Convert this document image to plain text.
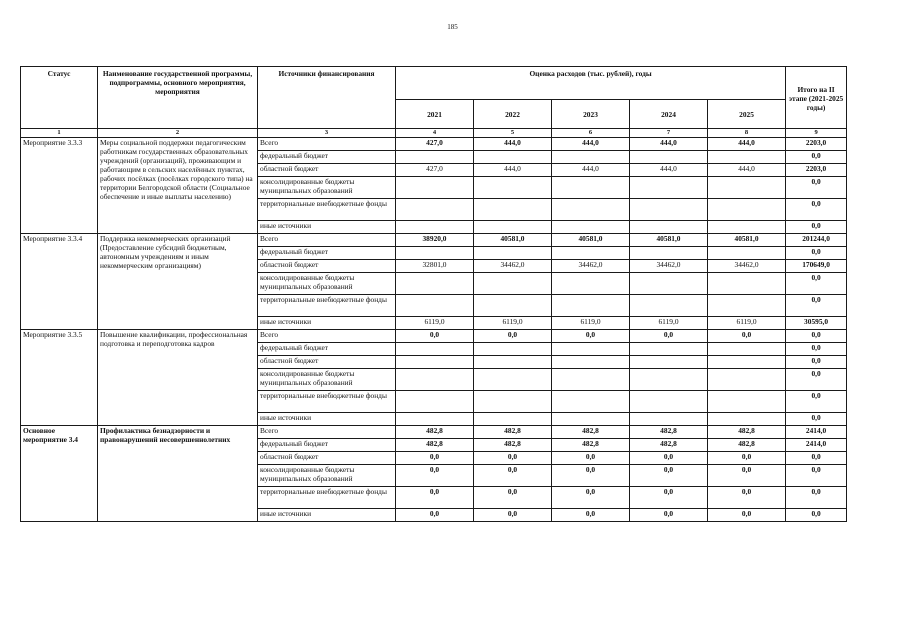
185
Статус	Наименование государственной программы, подпрограммы, основного мероприятия, мероприятия	Источники финансирования	Оценка расходов (тыс. рублей), годы					Итого на II этапе (2021-2025 годы)
			2021	2022	2023	2024	2025	
1	2	3	4	5	6	7	8	9
Мероприятие 3.3.3	Меры социальной поддержки педагогическим работникам государственных образовательных учреждений (организаций), проживающим и работающим в сельских населённых пунктах, рабочих посёлках (посёлках городского типа) на территории Белгородской области (Социальное обеспечение и иные выплаты населению)	Всего	427,0	444,0	444,0	444,0	444,0	2203,0
		федеральный бюджет						0,0
		областной бюджет	427,0	444,0	444,0	444,0	444,0	2203,0
		консолидированные бюджеты муниципальных образований						0,0
		территориальные внебюджетные фонды						0,0
		иные источники						0,0
Мероприятие 3.3.4	Поддержка некоммерческих организаций (Предоставление субсидий бюджетным, автономным учреждениям и иным некоммерческим организациям)	Всего	38920,0	40581,0	40581,0	40581,0	40581,0	201244,0
		федеральный бюджет						0,0
		областной бюджет	32801,0	34462,0	34462,0	34462,0	34462,0	170649,0
		консолидированные бюджеты муниципальных образований						0,0
		территориальные внебюджетные фонды						0,0
		иные источники	6119,0	6119,0	6119,0	6119,0	6119,0	30595,0
Мероприятие 3.3.5	Повышение квалификации, профессиональная подготовка и переподготовка кадров	Всего	0,0	0,0	0,0	0,0	0,0	0,0
		федеральный бюджет						0,0
		областной бюджет						0,0
		консолидированные бюджеты муниципальных образований						0,0
		территориальные внебюджетные фонды						0,0
		иные источники						0,0
Основное мероприятие 3.4	Профилактика безнадзорности и правонарушений несовершеннолетних	Всего	482,8	482,8	482,8	482,8	482,8	2414,0
		федеральный бюджет	482,8	482,8	482,8	482,8	482,8	2414,0
		областной бюджет	0,0	0,0	0,0	0,0	0,0	0,0
		консолидированные бюджеты муниципальных образований	0,0	0,0	0,0	0,0	0,0	0,0
		территориальные внебюджетные фонды	0,0	0,0	0,0	0,0	0,0	0,0
		иные источники	0,0	0,0	0,0	0,0	0,0	0,0
